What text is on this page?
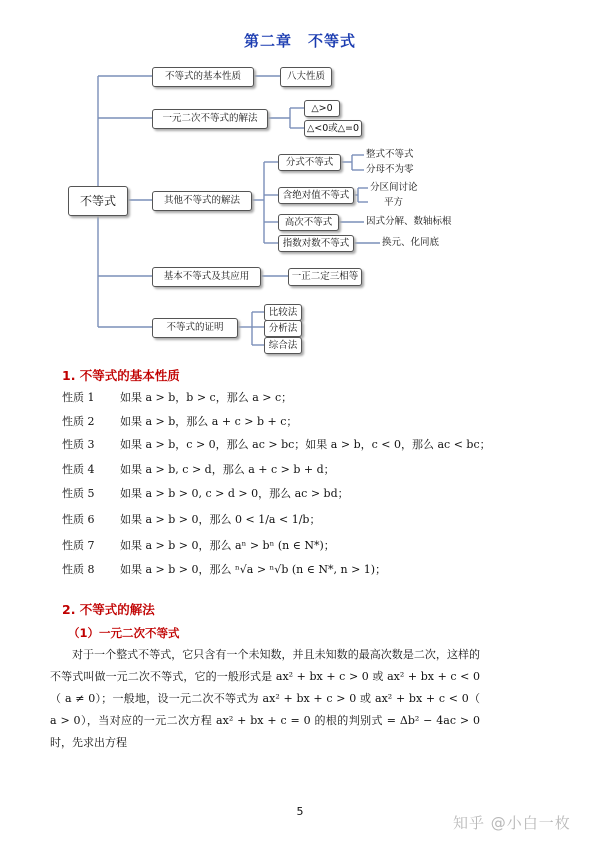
第二章　不等式
不等式
不等式的基本性质	八大性质
一元二次不等式的解法
△>0
△<0或△=0
其他不等式的解法
分式不等式
整式不等式
分母不为零
含绝对值不等式
分区间讨论
平方
高次不等式	因式分解、数轴标根
指数对数不等式	换元、化同底
基本不等式及其应用	一正二定三相等
不等式的证明
比较法
分析法
综合法
1. 不等式的基本性质
性质 1 如果 a > b，b > c，那么 a > c；
性质 2 如果 a > b，那么 a + c > b + c；
性质 3 如果 a > b，c > 0，那么 ac > bc；如果 a > b，c < 0，那么 ac < bc；
性质 4 如果 a > b, c > d，那么 a + c > b + d；
性质 5 如果 a > b > 0, c > d > 0，那么 ac > bd；
性质 6 如果 a > b > 0，那么 0 < 1/a < 1/b；
性质 7 如果 a > b > 0，那么 aⁿ > bⁿ (n ∈ N*)；
性质 8 如果 a > b > 0，那么 ⁿ√a > ⁿ√b (n ∈ N*, n > 1)；
2. 不等式的解法
（1）一元二次不等式
对于一个整式不等式，它只含有一个未知数，并且未知数的最高次数是二次，这样的不等式叫做一元二次不等式，它的一般形式是 ax² + bx + c > 0 或 ax² + bx + c < 0（ a ≠ 0）；一般地，设一元二次不等式为 ax² + bx + c > 0 或 ax² + bx + c < 0（ a > 0），当对应的一元二次方程 ax² + bx + c = 0 的根的判别式 = Δb² − 4ac > 0 时，先求出方程
5
知乎 @小白一枚
